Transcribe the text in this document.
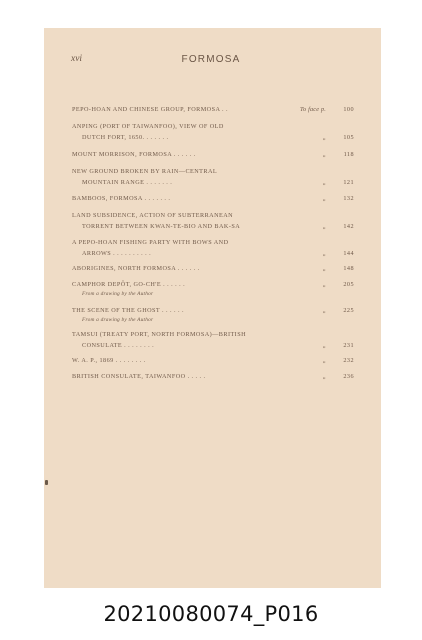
xvi	FORMOSA
PEPO-HOAN AND CHINESE GROUP, FORMOSA . .	To face p.	100
ANPING (PORT OF TAIWANFOO), VIEW OF OLD
DUTCH FORT, 1650. . . . . . .	„	105
MOUNT MORRISON, FORMOSA . . . . . .	„	118
NEW GROUND BROKEN BY RAIN—CENTRAL
MOUNTAIN RANGE . . . . . . .	„	121
BAMBOOS, FORMOSA . . . . . . .	„	132
LAND SUBSIDENCE, ACTION OF SUBTERRANEAN
TORRENT BETWEEN KWAN-TE-BIO AND BAK-SA	„	142
A PEPO-HOAN FISHING PARTY WITH BOWS AND
ARROWS . . . . . . . . . .	„	144
ABORIGINES, NORTH FORMOSA . . . . . .	„	148
CAMPHOR DEPÔT, GO-CH'E . . . . . .	„	205
From a drawing by the Author
THE SCENE OF THE GHOST . . . . . .	„	225
From a drawing by the Author
TAMSUI (TREATY PORT, NORTH FORMOSA)—BRITISH
CONSULATE . . . . . . . .	„	231
W. A. P., 1869 . . . . . . . .	„	232
BRITISH CONSULATE, TAIWANFOO . . . . .	„	236
20210080074_P016
